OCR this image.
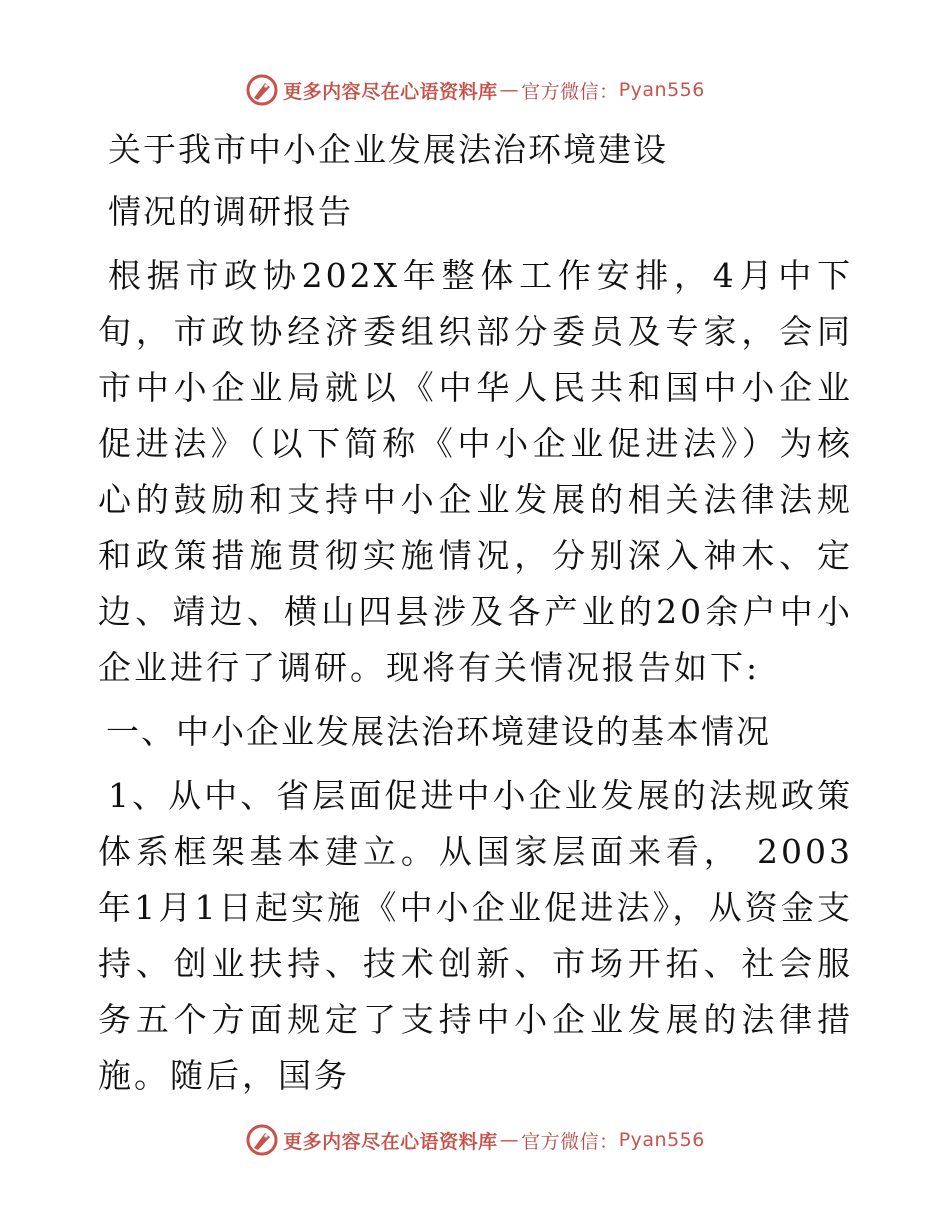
更多内容尽在心语资料库 — 官方微信： Pyan556
关于我市中小企业发展法治环境建设
情况的调研报告

根据市政协202X年整体工作安排，4月中下旬，市政协经济委组织部分委员及专家，会同市中小企业局就以《中华人民共和国中小企业促进法》（以下简称《中小企业促进法》）为核心的鼓励和支持中小企业发展的相关法律法规和政策措施贯彻实施情况，分别深入神木、定边、靖边、横山四县涉及各产业的20余户中小企业进行了调研。现将有关情况报告如下:

一、中小企业发展法治环境建设的基本情况

1、从中、省层面促进中小企业发展的法规政策体系框架基本建立。从国家层面来看， 2003年1月1日起实施《中小企业促进法》，从资金支持、创业扶持、技术创新、市场开拓、社会服务五个方面规定了支持中小企业发展的法律措施。随后，国务

更多内容尽在心语资料库 — 官方微信： Pyan556
